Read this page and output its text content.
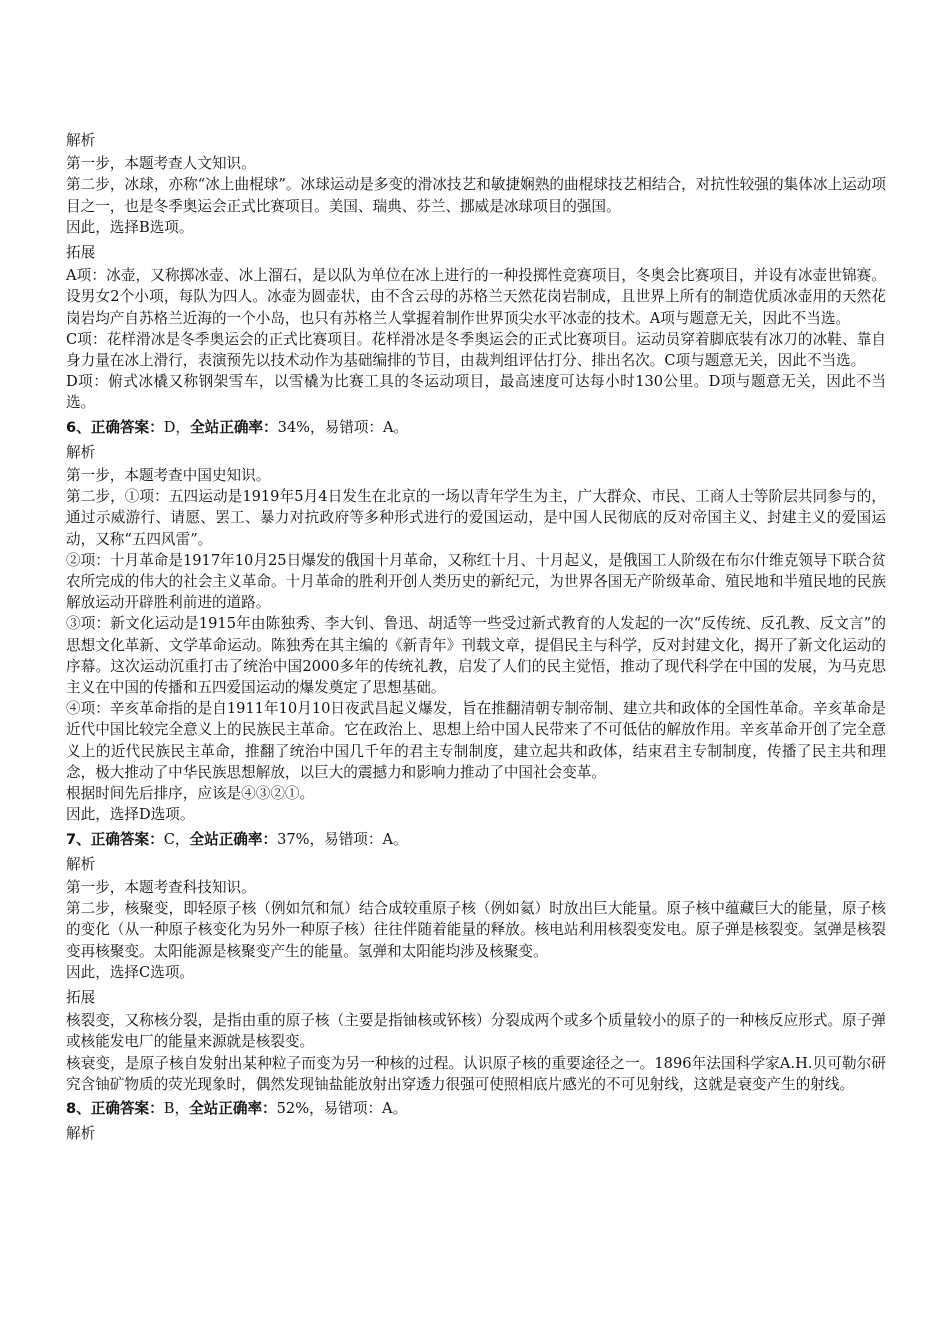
解析

第一步，本题考查人文知识。

第二步，冰球，亦称“冰上曲棍球”。冰球运动是多变的滑冰技艺和敏捷娴熟的曲棍球技艺相结合，对抗性较强的集体冰上运动项目之一，也是冬季奥运会正式比赛项目。美国、瑞典、芬兰、挪威是冰球项目的强国。

因此，选择B选项。

拓展

A项：冰壶，又称掷冰壶、冰上溜石，是以队为单位在冰上进行的一种投掷性竞赛项目，冬奥会比赛项目，并设有冰壶世锦赛。设男女2个小项，每队为四人。冰壶为圆壶状，由不含云母的苏格兰天然花岗岩制成，且世界上所有的制造优质冰壶用的天然花岗岩均产自苏格兰近海的一个小岛，也只有苏格兰人掌握着制作世界顶尖水平冰壶的技术。A项与题意无关，因此不当选。

C项：花样滑冰是冬季奥运会的正式比赛项目。花样滑冰是冬季奥运会的正式比赛项目。运动员穿着脚底装有冰刀的冰鞋、靠自身力量在冰上滑行，表演预先以技术动作为基础编排的节目，由裁判组评估打分、排出名次。C项与题意无关，因此不当选。

D项：俯式冰橇又称钢架雪车，以雪橇为比赛工具的冬运动项目，最高速度可达每小时130公里。D项与题意无关，因此不当选。

6、正确答案：D，全站正确率：34%，易错项：A。

解析

第一步，本题考查中国史知识。

第二步，①项：五四运动是1919年5月4日发生在北京的一场以青年学生为主，广大群众、市民、工商人士等阶层共同参与的，通过示威游行、请愿、罢工、暴力对抗政府等多种形式进行的爱国运动，是中国人民彻底的反对帝国主义、封建主义的爱国运动，又称“五四风雷”。

②项：十月革命是1917年10月25日爆发的俄国十月革命，又称红十月、十月起义，是俄国工人阶级在布尔什维克领导下联合贫农所完成的伟大的社会主义革命。十月革命的胜利开创人类历史的新纪元，为世界各国无产阶级革命、殖民地和半殖民地的民族解放运动开辟胜利前进的道路。

③项：新文化运动是1915年由陈独秀、李大钊、鲁迅、胡适等一些受过新式教育的人发起的一次“反传统、反孔教、反文言”的思想文化革新、文学革命运动。陈独秀在其主编的《新青年》刊载文章，提倡民主与科学，反对封建文化，揭开了新文化运动的序幕。这次运动沉重打击了统治中国2000多年的传统礼教，启发了人们的民主觉悟，推动了现代科学在中国的发展，为马克思主义在中国的传播和五四爱国运动的爆发奠定了思想基础。

④项：辛亥革命指的是自1911年10月10日夜武昌起义爆发，旨在推翻清朝专制帝制、建立共和政体的全国性革命。辛亥革命是近代中国比较完全意义上的民族民主革命。它在政治上、思想上给中国人民带来了不可低估的解放作用。辛亥革命开创了完全意义上的近代民族民主革命，推翻了统治中国几千年的君主专制制度，建立起共和政体，结束君主专制制度，传播了民主共和理念，极大推动了中华民族思想解放，以巨大的震撼力和影响力推动了中国社会变革。

根据时间先后排序，应该是④③②①。

因此，选择D选项。

7、正确答案：C，全站正确率：37%，易错项：A。

解析

第一步，本题考查科技知识。

第二步，核聚变，即轻原子核（例如氘和氚）结合成较重原子核（例如氦）时放出巨大能量。原子核中蕴藏巨大的能量，原子核的变化（从一种原子核变化为另外一种原子核）往往伴随着能量的释放。核电站利用核裂变发电。原子弹是核裂变。氢弹是核裂变再核聚变。太阳能源是核聚变产生的能量。氢弹和太阳能均涉及核聚变。

因此，选择C选项。

拓展

核裂变，又称核分裂，是指由重的原子核（主要是指铀核或钚核）分裂成两个或多个质量较小的原子的一种核反应形式。原子弹或核能发电厂的能量来源就是核裂变。

核衰变，是原子核自发射出某种粒子而变为另一种核的过程。认识原子核的重要途径之一。1896年法国科学家A.H.贝可勒尔研究含铀矿物质的荧光现象时，偶然发现铀盐能放射出穿透力很强可使照相底片感光的不可见射线，这就是衰变产生的射线。

8、正确答案：B，全站正确率：52%，易错项：A。

解析
